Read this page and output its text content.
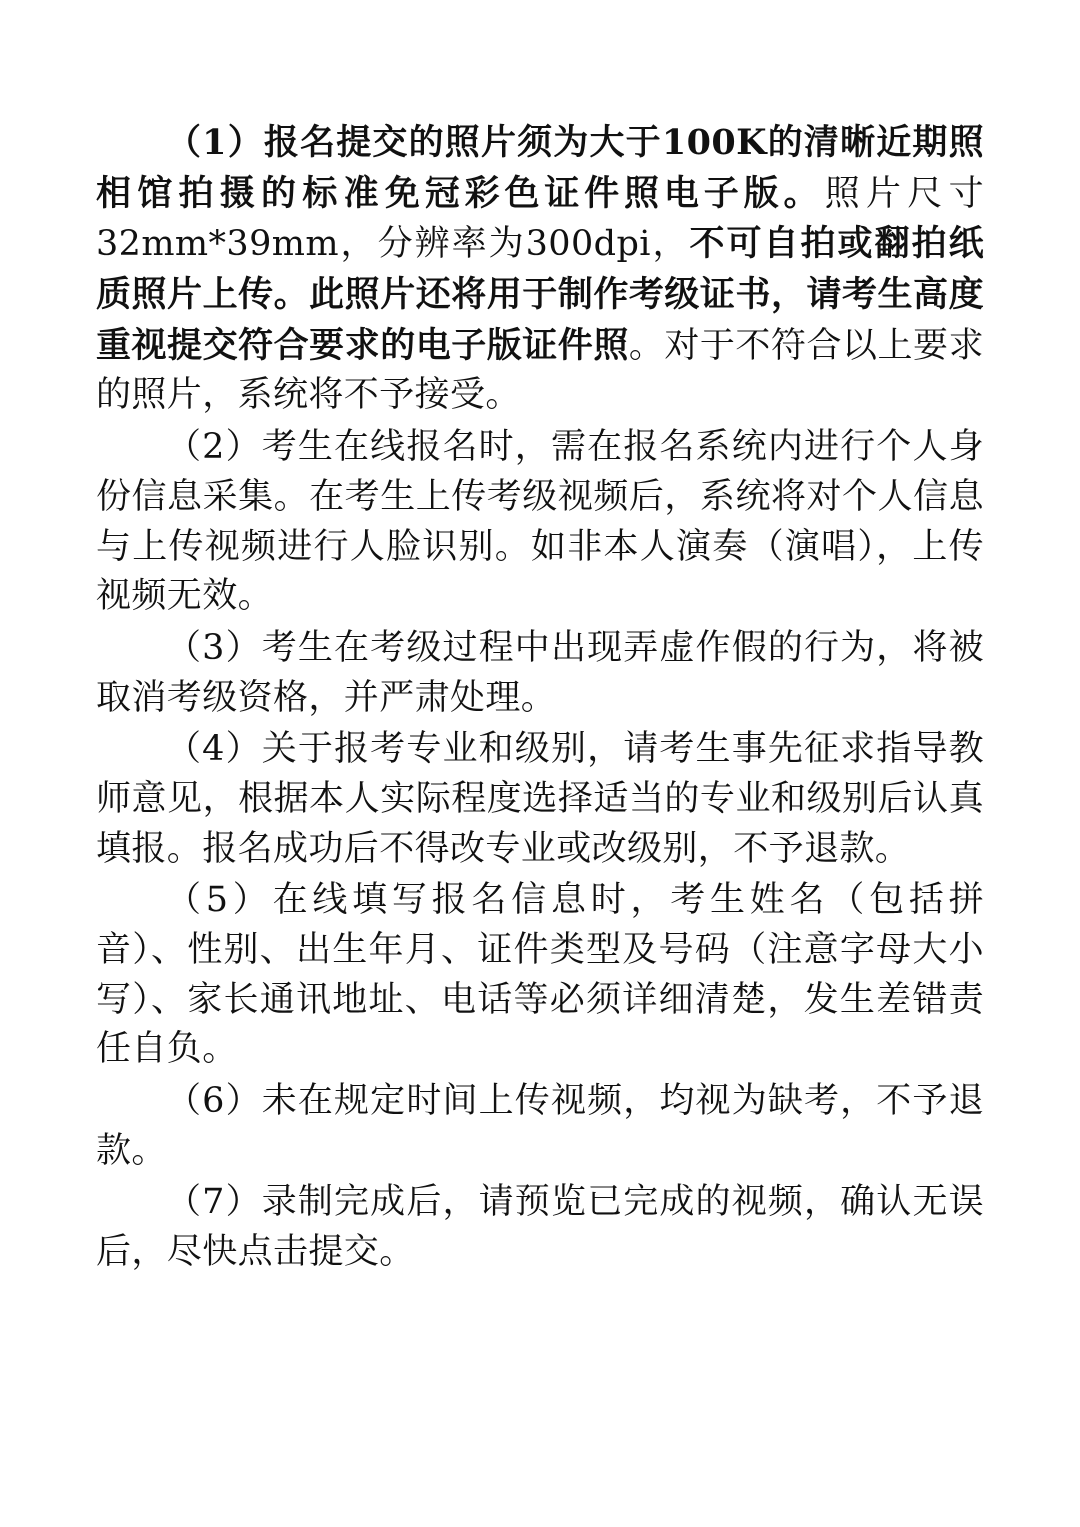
（1）报名提交的照片须为大于100K的清晰近期照相馆拍摄的标准免冠彩色证件照电子版。照片尺寸32mm*39mm，分辨率为300dpi，不可自拍或翻拍纸质照片上传。此照片还将用于制作考级证书，请考生高度重视提交符合要求的电子版证件照。对于不符合以上要求的照片，系统将不予接受。

（2）考生在线报名时，需在报名系统内进行个人身份信息采集。在考生上传考级视频后，系统将对个人信息与上传视频进行人脸识别。如非本人演奏（演唱），上传视频无效。

（3）考生在考级过程中出现弄虚作假的行为，将被取消考级资格，并严肃处理。

（4）关于报考专业和级别，请考生事先征求指导教师意见，根据本人实际程度选择适当的专业和级别后认真填报。报名成功后不得改专业或改级别，不予退款。

（5）在线填写报名信息时，考生姓名（包括拼音）、性别、出生年月、证件类型及号码（注意字母大小写）、家长通讯地址、电话等必须详细清楚，发生差错责任自负。

（6）未在规定时间上传视频，均视为缺考，不予退款。

（7）录制完成后，请预览已完成的视频，确认无误后，尽快点击提交。
